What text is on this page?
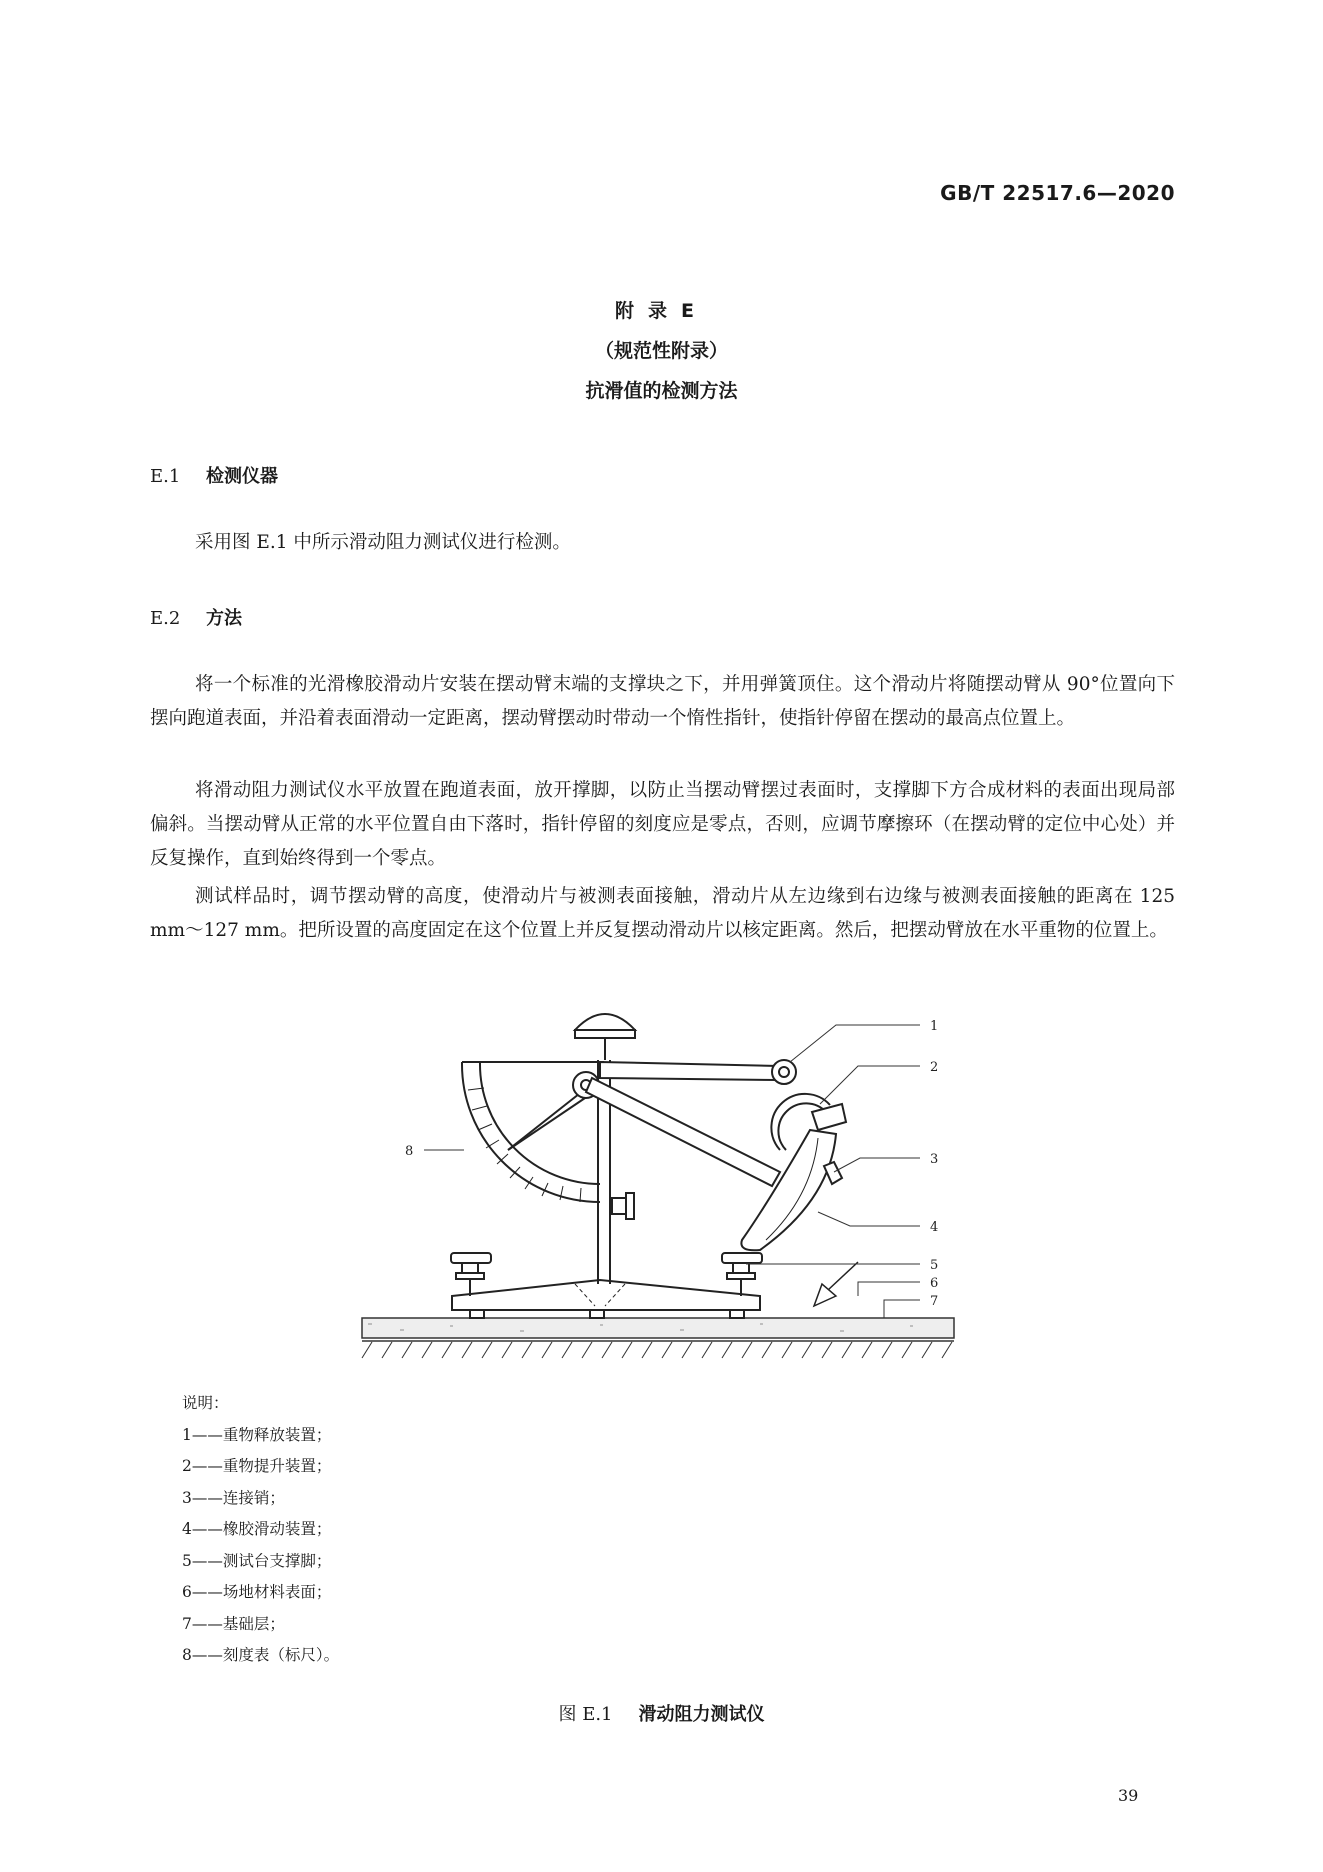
GB/T 22517.6—2020
附录E
（规范性附录）
抗滑值的检测方法
E.1 检测仪器
采用图 E.1 中所示滑动阻力测试仪进行检测。
E.2 方法
将一个标准的光滑橡胶滑动片安装在摆动臂末端的支撑块之下，并用弹簧顶住。这个滑动片将随摆动臂从 90°位置向下摆向跑道表面，并沿着表面滑动一定距离，摆动臂摆动时带动一个惰性指针，使指针停留在摆动的最高点位置上。
将滑动阻力测试仪水平放置在跑道表面，放开撑脚，以防止当摆动臂摆过表面时，支撑脚下方合成材料的表面出现局部偏斜。当摆动臂从正常的水平位置自由下落时，指针停留的刻度应是零点，否则，应调节摩擦环（在摆动臂的定位中心处）并反复操作，直到始终得到一个零点。
测试样品时，调节摆动臂的高度，使滑动片与被测表面接触，滑动片从左边缘到右边缘与被测表面接触的距离在 125 mm～127 mm。把所设置的高度固定在这个位置上并反复摆动滑动片以核定距离。然后，把摆动臂放在水平重物的位置上。
1
2
3
4
5
6
7
8
说明：
1——重物释放装置；
2——重物提升装置；
3——连接销；
4——橡胶滑动装置；
5——测试台支撑脚；
6——场地材料表面；
7——基础层；
8——刻度表（标尺）。
图 E.1 滑动阻力测试仪
39
